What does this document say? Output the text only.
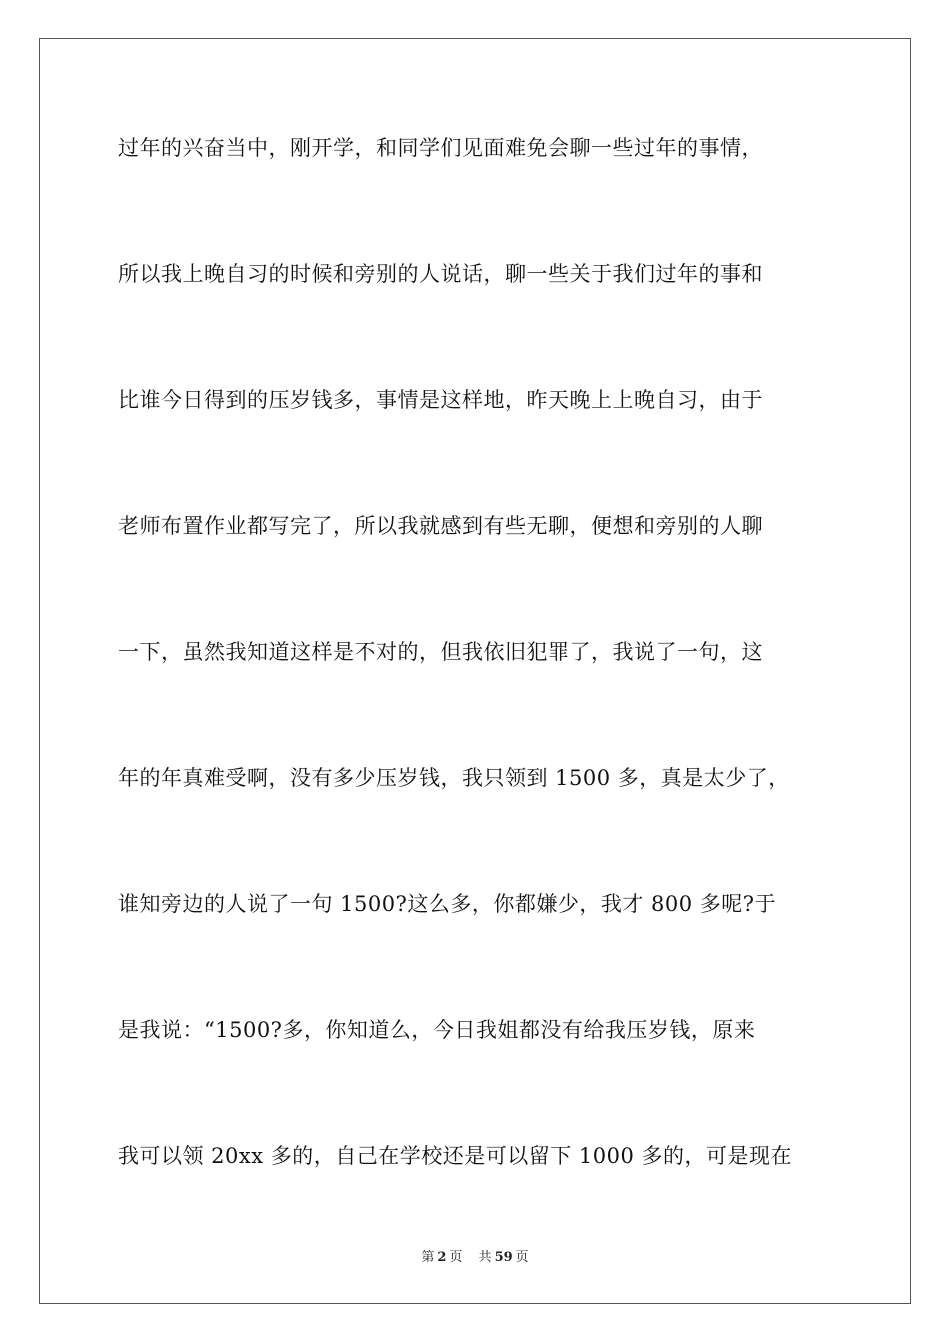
过年的兴奋当中，刚开学，和同学们见面难免会聊一些过年的事情，
所以我上晚自习的时候和旁别的人说话，聊一些关于我们过年的事和
比谁今日得到的压岁钱多，事情是这样地，昨天晚上上晚自习，由于
老师布置作业都写完了，所以我就感到有些无聊，便想和旁别的人聊
一下，虽然我知道这样是不对的，但我依旧犯罪了，我说了一句，这
年的年真难受啊，没有多少压岁钱，我只领到 1500 多，真是太少了，
谁知旁边的人说了一句 1500?这么多，你都嫌少，我才 800 多呢?于
是我说：“1500?多，你知道么，今日我姐都没有给我压岁钱，原来
我可以领 20xx 多的，自己在学校还是可以留下 1000 多的，可是现在
第 2 页 共 59 页
